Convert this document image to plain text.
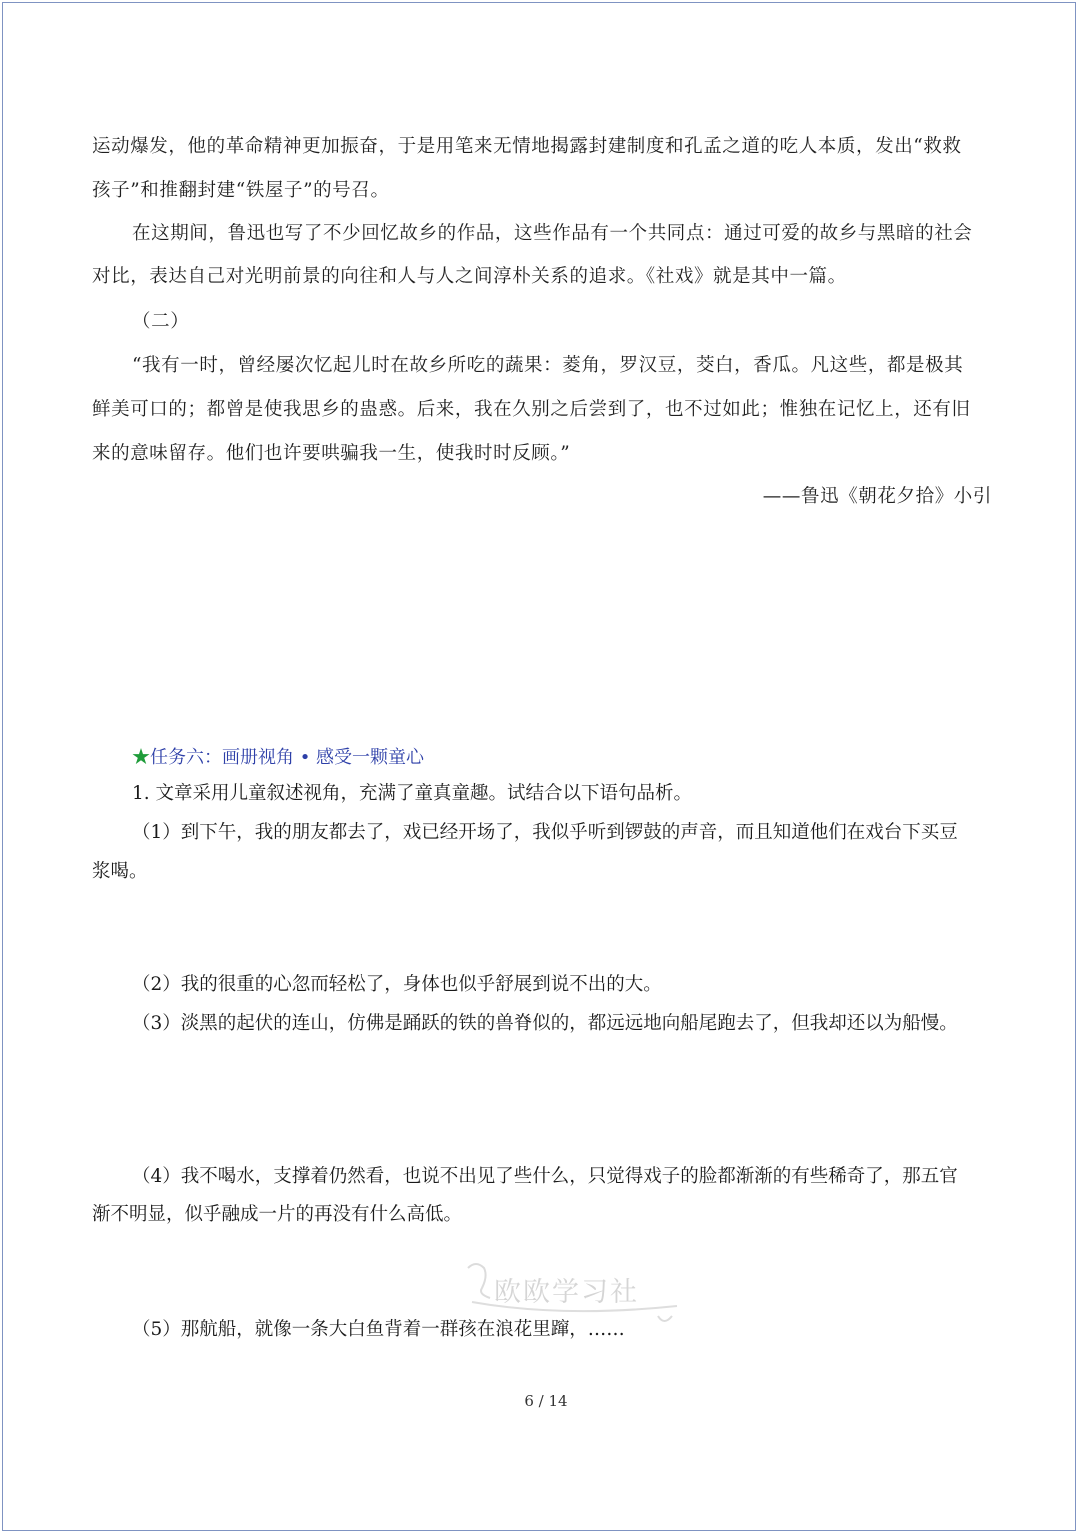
运动爆发，他的革命精神更加振奋，于是用笔来无情地揭露封建制度和孔孟之道的吃人本质，发出“救救
孩子”和推翻封建“铁屋子”的号召。
在这期间，鲁迅也写了不少回忆故乡的作品，这些作品有一个共同点：通过可爱的故乡与黑暗的社会
对比，表达自己对光明前景的向往和人与人之间淳朴关系的追求。《社戏》就是其中一篇。
（二）
“我有一时，曾经屡次忆起儿时在故乡所吃的蔬果：菱角，罗汉豆，茭白，香瓜。凡这些，都是极其
鲜美可口的；都曾是使我思乡的蛊惑。后来，我在久别之后尝到了，也不过如此；惟独在记忆上，还有旧
来的意味留存。他们也许要哄骗我一生，使我时时反顾。”
——鲁迅《朝花夕拾》小引
★任务六：画册视角 • 感受一颗童心
1. 文章采用儿童叙述视角，充满了童真童趣。试结合以下语句品析。
（1）到下午，我的朋友都去了，戏已经开场了，我似乎听到锣鼓的声音，而且知道他们在戏台下买豆
浆喝。
（2）我的很重的心忽而轻松了，身体也似乎舒展到说不出的大。
（3）淡黑的起伏的连山，仿佛是踊跃的铁的兽脊似的，都远远地向船尾跑去了，但我却还以为船慢。
（4）我不喝水，支撑着仍然看，也说不出见了些什么，只觉得戏子的脸都渐渐的有些稀奇了，那五官
渐不明显，似乎融成一片的再没有什么高低。
（5）那航船，就像一条大白鱼背着一群孩在浪花里蹿，……
欧欧学习社
6 / 14
